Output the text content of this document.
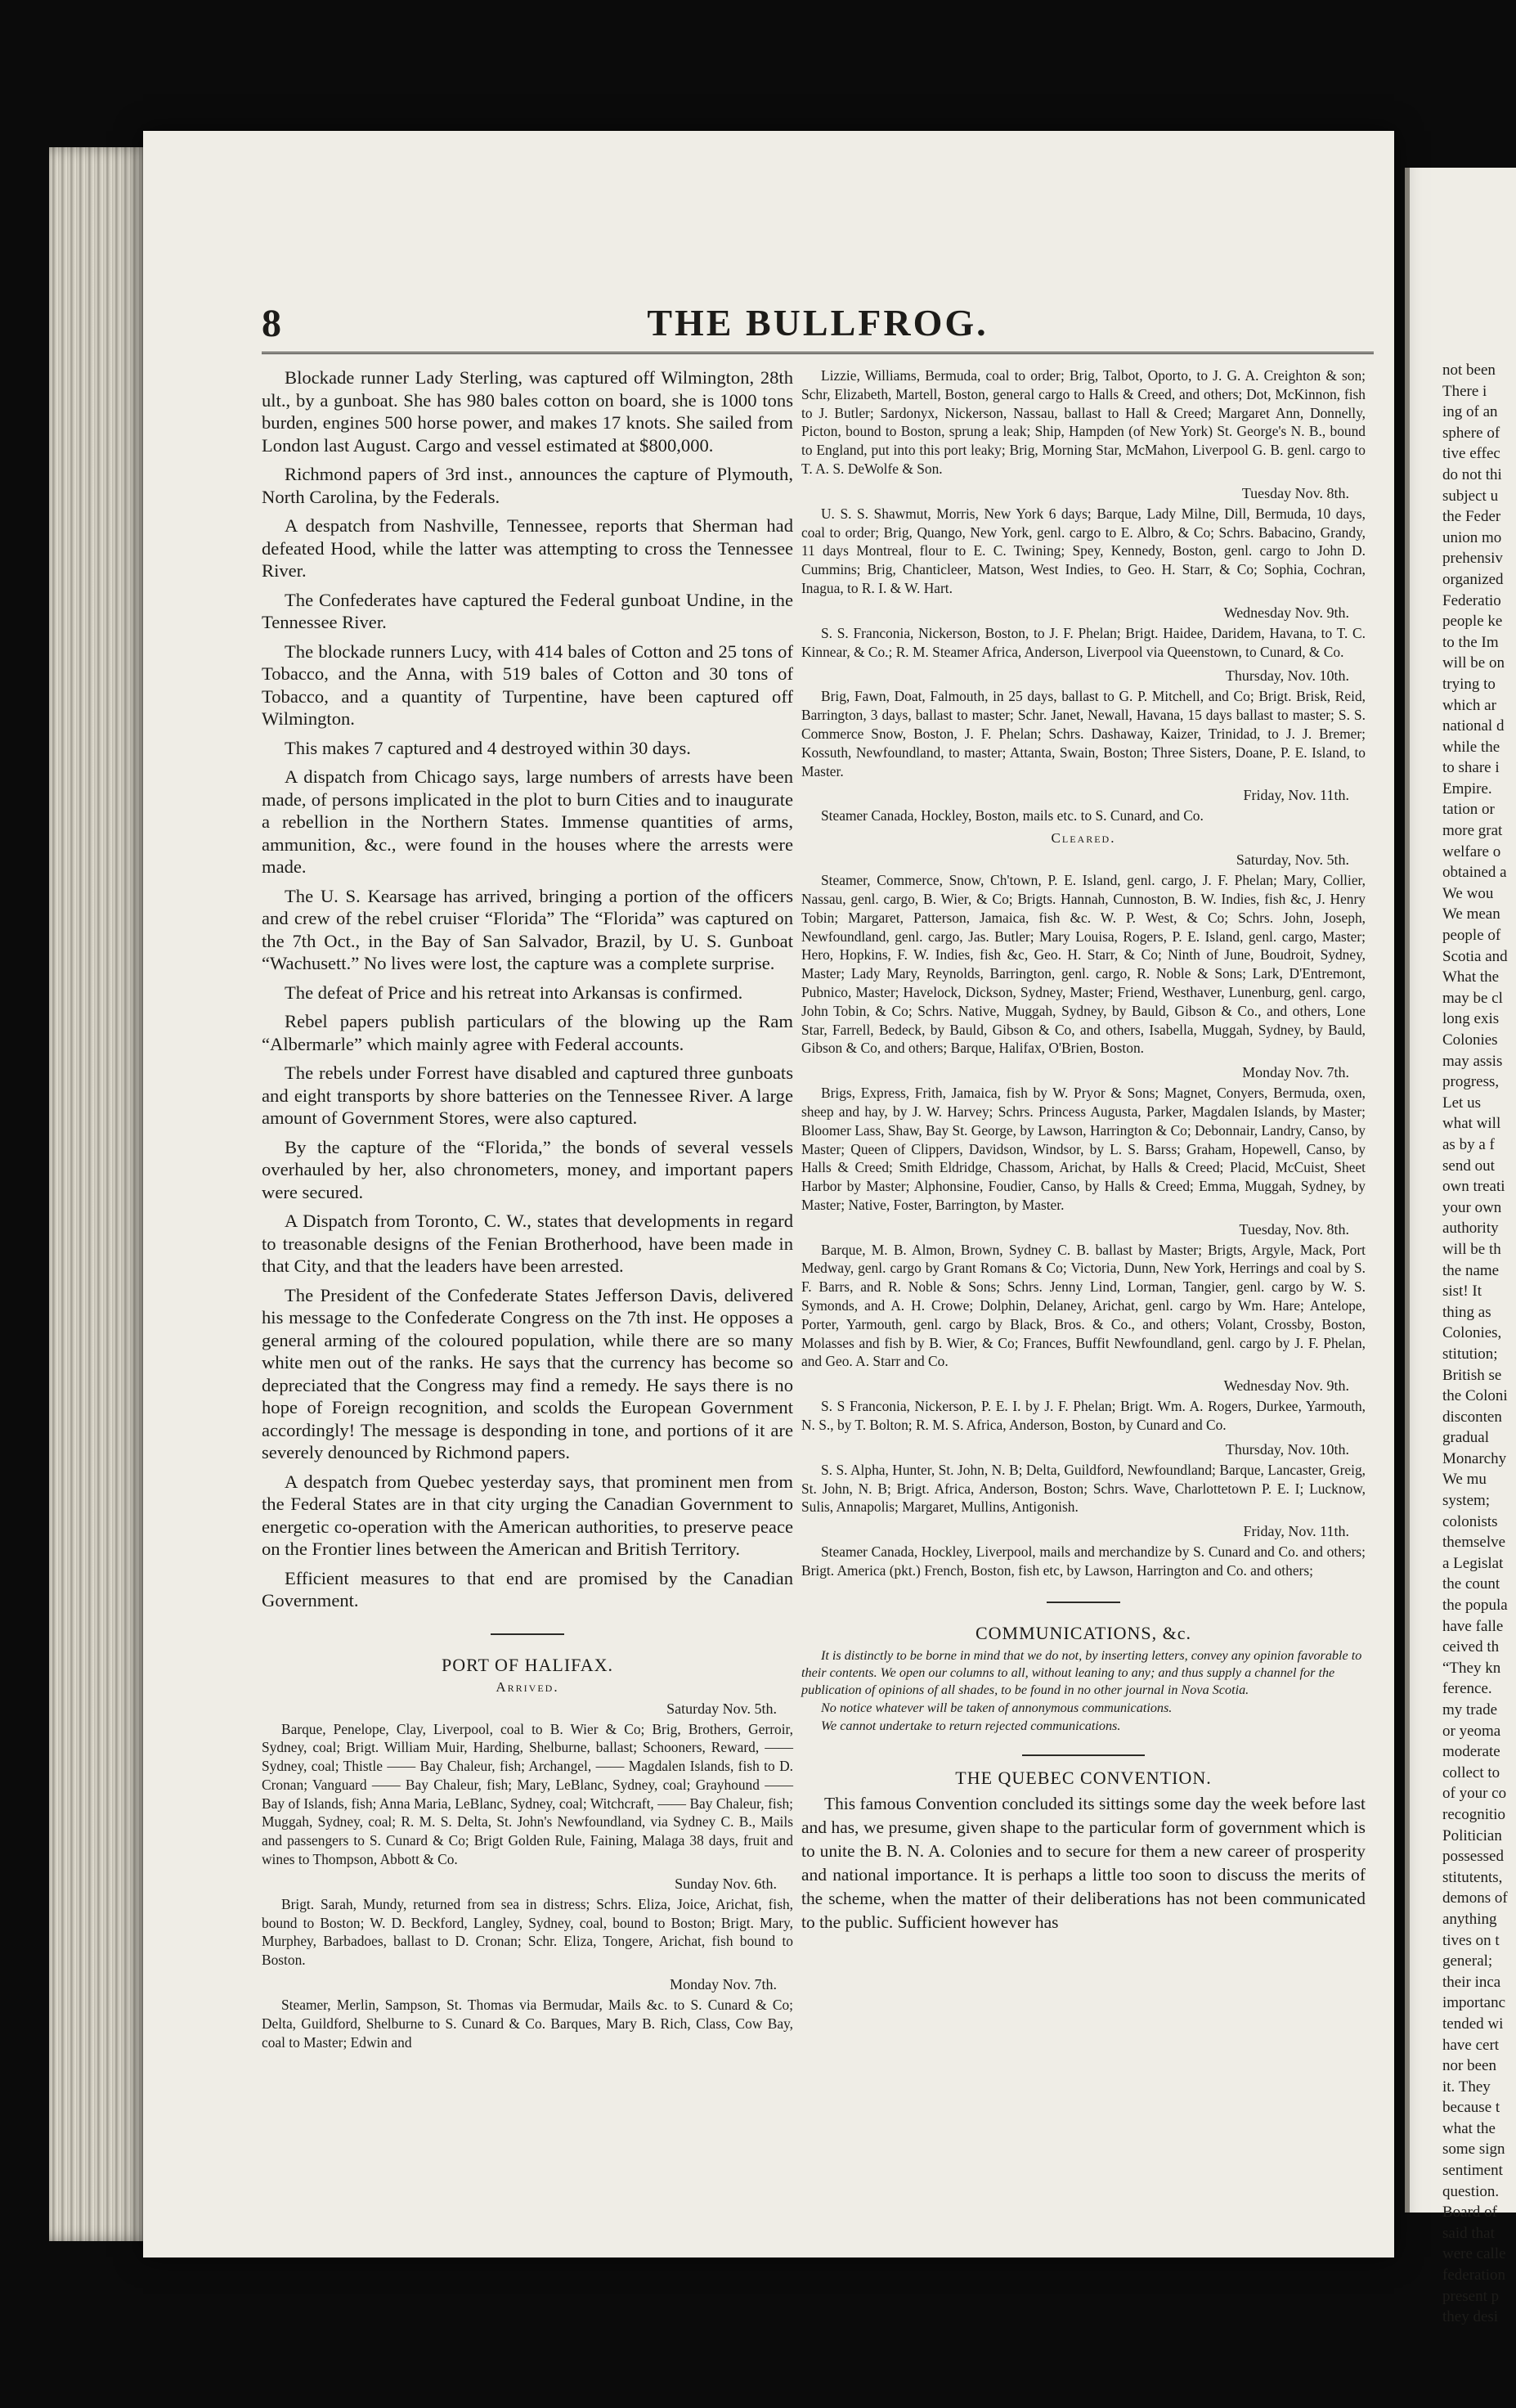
not been
There i
ing of an
sphere of
tive effec
do not thi
subject u
the Feder
union mo
prehensiv
organized
Federatio
people ke
to the Im
will be on
trying to
which ar
national d
while the
to share i
Empire.
tation or
more grat
welfare o
obtained a
We wou
We mean
people of
Scotia and
What the
may be cl
long exis
Colonies
may assis
progress,
Let us
what will
as by a f
send out
own treati
your own
authority
will be th
the name
sist! It
thing as
Colonies,
stitution;
British se
the Coloni
disconten
gradual
Monarchy
We mu
system;
colonists
themselve
a Legislat
the count
the popula
have falle
ceived th
“They kn
ference.
my trade
or yeoma
moderate
collect to
of your co
recognitio
Politician
possessed
stitutents,
demons of
anything
tives on t
general;
their inca
importanc
tended wi
have cert
nor been
it. They
because t
what the
some sign
sentiment
question.
Board of
said that
were calle
federation
present p
they desi
8	THE BULLFROG.

Blockade runner Lady Sterling, was captured off Wilmington, 28th ult., by a gunboat. She has 980 bales cotton on board, she is 1000 tons burden, engines 500 horse power, and makes 17 knots. She sailed from London last August. Cargo and vessel estimated at $800,000.

Richmond papers of 3rd inst., announces the capture of Plymouth, North Carolina, by the Federals.

A despatch from Nashville, Tennessee, reports that Sherman had defeated Hood, while the latter was attempting to cross the Tennessee River.

The Confederates have captured the Federal gunboat Undine, in the Tennessee River.

The blockade runners Lucy, with 414 bales of Cotton and 25 tons of Tobacco, and the Anna, with 519 bales of Cotton and 30 tons of Tobacco, and a quantity of Turpentine, have been captured off Wilmington.

This makes 7 captured and 4 destroyed within 30 days.

A dispatch from Chicago says, large numbers of arrests have been made, of persons implicated in the plot to burn Cities and to inaugurate a rebellion in the Northern States. Immense quantities of arms, ammunition, &c., were found in the houses where the arrests were made.

The U. S. Kearsage has arrived, bringing a portion of the officers and crew of the rebel cruiser “Florida” The “Florida” was captured on the 7th Oct., in the Bay of San Salvador, Brazil, by U. S. Gunboat “Wachusett.” No lives were lost, the capture was a complete surprise.

The defeat of Price and his retreat into Arkansas is confirmed.

Rebel papers publish particulars of the blowing up the Ram “Albermarle” which mainly agree with Federal accounts.

The rebels under Forrest have disabled and captured three gunboats and eight transports by shore batteries on the Tennessee River. A large amount of Government Stores, were also captured.

By the capture of the “Florida,” the bonds of several vessels overhauled by her, also chronometers, money, and important papers were secured.

A Dispatch from Toronto, C. W., states that developments in regard to treasonable designs of the Fenian Brotherhood, have been made in that City, and that the leaders have been arrested.

The President of the Confederate States Jefferson Davis, delivered his message to the Confederate Congress on the 7th inst. He opposes a general arming of the coloured population, while there are so many white men out of the ranks. He says that the currency has become so depreciated that the Congress may find a remedy. He says there is no hope of Foreign recognition, and scolds the European Government accordingly! The message is desponding in tone, and portions of it are severely denounced by Richmond papers.

A despatch from Quebec yesterday says, that prominent men from the Federal States are in that city urging the Canadian Government to energetic co-operation with the American authorities, to preserve peace on the Frontier lines between the American and British Territory.

Efficient measures to that end are promised by the Canadian Government.

PORT OF HALIFAX.
Arrived.
Saturday Nov. 5th.

Barque, Penelope, Clay, Liverpool, coal to B. Wier & Co; Brig, Brothers, Gerroir, Sydney, coal; Brigt. William Muir, Harding, Shelburne, ballast; Schooners, Reward, —— Sydney, coal; Thistle —— Bay Chaleur, fish; Archangel, —— Magdalen Islands, fish to D. Cronan; Vanguard —— Bay Chaleur, fish; Mary, LeBlanc, Sydney, coal; Grayhound —— Bay of Islands, fish; Anna Maria, LeBlanc, Sydney, coal; Witchcraft, —— Bay Chaleur, fish; Muggah, Sydney, coal; R. M. S. Delta, St. John's Newfoundland, via Sydney C. B., Mails and passengers to S. Cunard & Co; Brigt Golden Rule, Faining, Malaga 38 days, fruit and wines to Thompson, Abbott & Co.

Sunday Nov. 6th.

Brigt. Sarah, Mundy, returned from sea in distress; Schrs. Eliza, Joice, Arichat, fish, bound to Boston; W. D. Beckford, Langley, Sydney, coal, bound to Boston; Brigt. Mary, Murphey, Barbadoes, ballast to D. Cronan; Schr. Eliza, Tongere, Arichat, fish bound to Boston.

Monday Nov. 7th.

Steamer, Merlin, Sampson, St. Thomas via Bermudar, Mails &c. to S. Cunard & Co; Delta, Guildford, Shelburne to S. Cunard & Co. Barques, Mary B. Rich, Class, Cow Bay, coal to Master; Edwin and

Lizzie, Williams, Bermuda, coal to order; Brig, Talbot, Oporto, to J. G. A. Creighton & son; Schr, Elizabeth, Martell, Boston, general cargo to Halls & Creed, and others; Dot, McKinnon, fish to J. Butler; Sardonyx, Nickerson, Nassau, ballast to Hall & Creed; Margaret Ann, Donnelly, Picton, bound to Boston, sprung a leak; Ship, Hampden (of New York) St. George's N. B., bound to England, put into this port leaky; Brig, Morning Star, McMahon, Liverpool G. B. genl. cargo to T. A. S. DeWolfe & Son.

Tuesday Nov. 8th.

U. S. S. Shawmut, Morris, New York 6 days; Barque, Lady Milne, Dill, Bermuda, 10 days, coal to order; Brig, Quango, New York, genl. cargo to E. Albro, & Co; Schrs. Babacino, Grandy, 11 days Montreal, flour to E. C. Twining; Spey, Kennedy, Boston, genl. cargo to John D. Cummins; Brig, Chanticleer, Matson, West Indies, to Geo. H. Starr, & Co; Sophia, Cochran, Inagua, to R. I. & W. Hart.

Wednesday Nov. 9th.

S. S. Franconia, Nickerson, Boston, to J. F. Phelan; Brigt. Haidee, Daridem, Havana, to T. C. Kinnear, & Co.; R. M. Steamer Africa, Anderson, Liverpool via Queenstown, to Cunard, & Co.

Thursday, Nov. 10th.

Brig, Fawn, Doat, Falmouth, in 25 days, ballast to G. P. Mitchell, and Co; Brigt. Brisk, Reid, Barrington, 3 days, ballast to master; Schr. Janet, Newall, Havana, 15 days ballast to master; S. S. Commerce Snow, Boston, J. F. Phelan; Schrs. Dashaway, Kaizer, Trinidad, to J. J. Bremer; Kossuth, Newfoundland, to master; Attanta, Swain, Boston; Three Sisters, Doane, P. E. Island, to Master.

Friday, Nov. 11th.

Steamer Canada, Hockley, Boston, mails etc. to S. Cunard, and Co.

Cleared.
Saturday, Nov. 5th.

Steamer, Commerce, Snow, Ch'town, P. E. Island, genl. cargo, J. F. Phelan; Mary, Collier, Nassau, genl. cargo, B. Wier, & Co; Brigts. Hannah, Cunnoston, B. W. Indies, fish &c, J. Henry Tobin; Margaret, Patterson, Jamaica, fish &c. W. P. West, & Co; Schrs. John, Joseph, Newfoundland, genl. cargo, Jas. Butler; Mary Louisa, Rogers, P. E. Island, genl. cargo, Master; Hero, Hopkins, F. W. Indies, fish &c, Geo. H. Starr, & Co; Ninth of June, Boudroit, Sydney, Master; Lady Mary, Reynolds, Barrington, genl. cargo, R. Noble & Sons; Lark, D'Entremont, Pubnico, Master; Havelock, Dickson, Sydney, Master; Friend, Westhaver, Lunenburg, genl. cargo, John Tobin, & Co; Schrs. Native, Muggah, Sydney, by Bauld, Gibson & Co., and others, Lone Star, Farrell, Bedeck, by Bauld, Gibson & Co, and others, Isabella, Muggah, Sydney, by Bauld, Gibson & Co, and others; Barque, Halifax, O'Brien, Boston.

Monday Nov. 7th.

Brigs, Express, Frith, Jamaica, fish by W. Pryor & Sons; Magnet, Conyers, Bermuda, oxen, sheep and hay, by J. W. Harvey; Schrs. Princess Augusta, Parker, Magdalen Islands, by Master; Bloomer Lass, Shaw, Bay St. George, by Lawson, Harrington & Co; Debonnair, Landry, Canso, by Master; Queen of Clippers, Davidson, Windsor, by L. S. Barss; Graham, Hopewell, Canso, by Halls & Creed; Smith Eldridge, Chassom, Arichat, by Halls & Creed; Placid, McCuist, Sheet Harbor by Master; Alphonsine, Foudier, Canso, by Halls & Creed; Emma, Muggah, Sydney, by Master; Native, Foster, Barrington, by Master.

Tuesday, Nov. 8th.

Barque, M. B. Almon, Brown, Sydney C. B. ballast by Master; Brigts, Argyle, Mack, Port Medway, genl. cargo by Grant Romans & Co; Victoria, Dunn, New York, Herrings and coal by S. F. Barrs, and R. Noble & Sons; Schrs. Jenny Lind, Lorman, Tangier, genl. cargo by W. S. Symonds, and A. H. Crowe; Dolphin, Delaney, Arichat, genl. cargo by Wm. Hare; Antelope, Porter, Yarmouth, genl. cargo by Black, Bros. & Co., and others; Volant, Crossby, Boston, Molasses and fish by B. Wier, & Co; Frances, Buffit Newfoundland, genl. cargo by J. F. Phelan, and Geo. A. Starr and Co.

Wednesday Nov. 9th.

S. S Franconia, Nickerson, P. E. I. by J. F. Phelan; Brigt. Wm. A. Rogers, Durkee, Yarmouth, N. S., by T. Bolton; R. M. S. Africa, Anderson, Boston, by Cunard and Co.

Thursday, Nov. 10th.

S. S. Alpha, Hunter, St. John, N. B; Delta, Guildford, Newfoundland; Barque, Lancaster, Greig, St. John, N. B; Brigt. Africa, Anderson, Boston; Schrs. Wave, Charlottetown P. E. I; Lucknow, Sulis, Annapolis; Margaret, Mullins, Antigonish.

Friday, Nov. 11th.

Steamer Canada, Hockley, Liverpool, mails and merchandize by S. Cunard and Co. and others; Brigt. America (pkt.) French, Boston, fish etc, by Lawson, Harrington and Co. and others;

COMMUNICATIONS, &c.

It is distinctly to be borne in mind that we do not, by inserting letters, convey any opinion favorable to their contents. We open our columns to all, without leaning to any; and thus supply a channel for the publication of opinions of all shades, to be found in no other journal in Nova Scotia.

No notice whatever will be taken of annonymous communications.

We cannot undertake to return rejected communications.

THE QUEBEC CONVENTION.

This famous Convention concluded its sittings some day the week before last and has, we presume, given shape to the particular form of government which is to unite the B. N. A. Colonies and to secure for them a new career of prosperity and national importance. It is perhaps a little too soon to discuss the merits of the scheme, when the matter of their deliberations has not been communicated to the public. Sufficient however has
